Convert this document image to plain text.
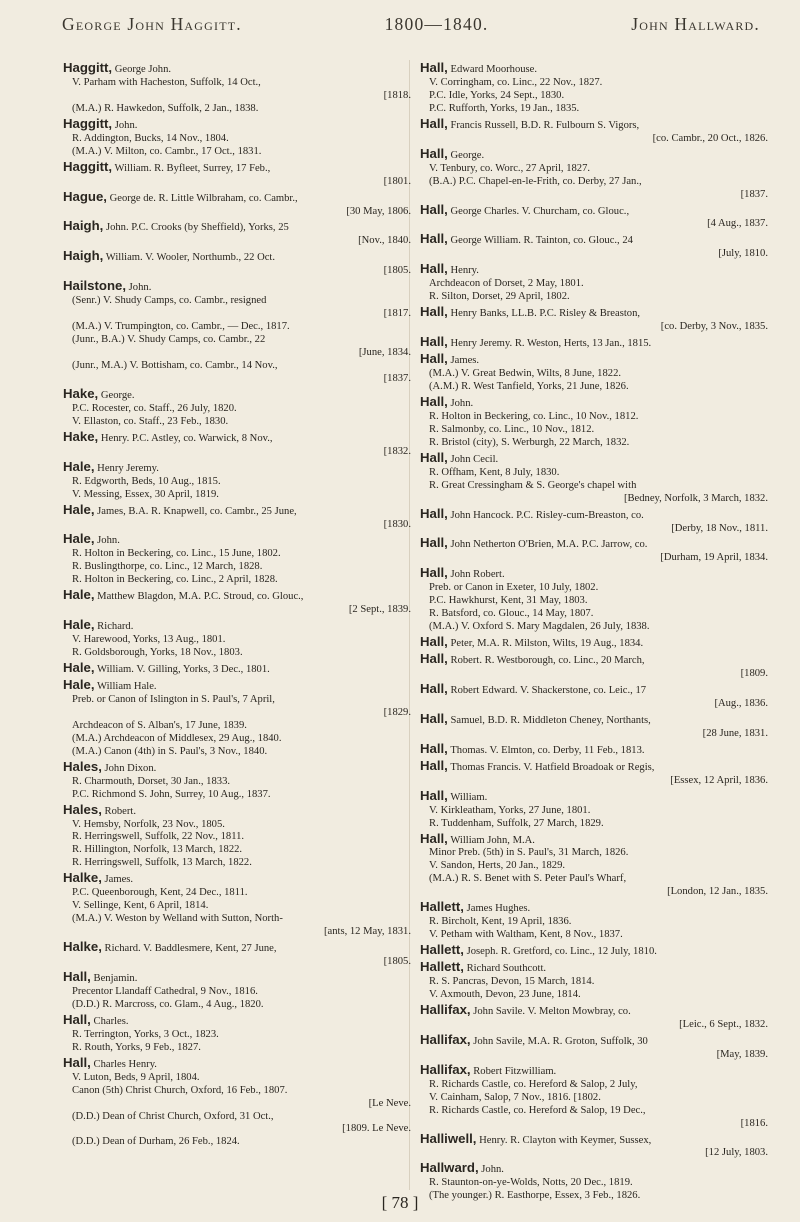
George John Haggitt.	1800—1840.	John Hallward.
Haggitt, George John.
V. Parham with Hacheston, Suffolk, 14 Oct.,
[1818.
(M.A.) R. Hawkedon, Suffolk, 2 Jan., 1838.
Haggitt, John.
R. Addington, Bucks, 14 Nov., 1804.
(M.A.) V. Milton, co. Cambr., 17 Oct., 1831.
Haggitt, William. R. Byfleet, Surrey, 17 Feb.,
[1801.
Hague, George de. R. Little Wilbraham, co. Cambr.,
[30 May, 1806.
Haigh, John. P.C. Crooks (by Sheffield), Yorks, 25
[Nov., 1840.
Haigh, William. V. Wooler, Northumb., 22 Oct.
[1805.
Hailstone, John.
(Senr.) V. Shudy Camps, co. Cambr., resigned
[1817.
(M.A.) V. Trumpington, co. Cambr., — Dec., 1817.
(Junr., B.A.) V. Shudy Camps, co. Cambr., 22
[June, 1834.
(Junr., M.A.) V. Bottisham, co. Cambr., 14 Nov.,
[1837.
Hake, George.
P.C. Rocester, co. Staff., 26 July, 1820.
V. Ellaston, co. Staff., 23 Feb., 1830.
Hake, Henry. P.C. Astley, co. Warwick, 8 Nov.,
[1832.
Hale, Henry Jeremy.
R. Edgworth, Beds, 10 Aug., 1815.
V. Messing, Essex, 30 April, 1819.
Hale, James, B.A. R. Knapwell, co. Cambr., 25 June,
[1830.
Hale, John.
R. Holton in Beckering, co. Linc., 15 June, 1802.
R. Buslingthorpe, co. Linc., 12 March, 1828.
R. Holton in Beckering, co. Linc., 2 April, 1828.
Hale, Matthew Blagdon, M.A. P.C. Stroud, co. Glouc.,
[2 Sept., 1839.
Hale, Richard.
V. Harewood, Yorks, 13 Aug., 1801.
R. Goldsborough, Yorks, 18 Nov., 1803.
Hale, William. V. Gilling, Yorks, 3 Dec., 1801.
Hale, William Hale.
Preb. or Canon of Islington in S. Paul's, 7 April,
[1829.
Archdeacon of S. Alban's, 17 June, 1839.
(M.A.) Archdeacon of Middlesex, 29 Aug., 1840.
(M.A.) Canon (4th) in S. Paul's, 3 Nov., 1840.
Hales, John Dixon.
R. Charmouth, Dorset, 30 Jan., 1833.
P.C. Richmond S. John, Surrey, 10 Aug., 1837.
Hales, Robert.
V. Hemsby, Norfolk, 23 Nov., 1805.
R. Herringswell, Suffolk, 22 Nov., 1811.
R. Hillington, Norfolk, 13 March, 1822.
R. Herringswell, Suffolk, 13 March, 1822.
Halke, James.
P.C. Queenborough, Kent, 24 Dec., 1811.
V. Sellinge, Kent, 6 April, 1814.
(M.A.) V. Weston by Welland with Sutton, North-
[ants, 12 May, 1831.
Halke, Richard. V. Baddlesmere, Kent, 27 June,
[1805.
Hall, Benjamin.
Precentor Llandaff Cathedral, 9 Nov., 1816.
(D.D.) R. Marcross, co. Glam., 4 Aug., 1820.
Hall, Charles.
R. Terrington, Yorks, 3 Oct., 1823.
R. Routh, Yorks, 9 Feb., 1827.
Hall, Charles Henry.
V. Luton, Beds, 9 April, 1804.
Canon (5th) Christ Church, Oxford, 16 Feb., 1807.
[Le Neve.
(D.D.) Dean of Christ Church, Oxford, 31 Oct.,
[1809. Le Neve.
(D.D.) Dean of Durham, 26 Feb., 1824.
Hall, Edward Moorhouse.
V. Corringham, co. Linc., 22 Nov., 1827.
P.C. Idle, Yorks, 24 Sept., 1830.
P.C. Rufforth, Yorks, 19 Jan., 1835.
Hall, Francis Russell, B.D. R. Fulbourn S. Vigors,
[co. Cambr., 20 Oct., 1826.
Hall, George.
V. Tenbury, co. Worc., 27 April, 1827.
(B.A.) P.C. Chapel-en-le-Frith, co. Derby, 27 Jan.,
[1837.
Hall, George Charles. V. Churcham, co. Glouc.,
[4 Aug., 1837.
Hall, George William. R. Tainton, co. Glouc., 24
[July, 1810.
Hall, Henry.
Archdeacon of Dorset, 2 May, 1801.
R. Silton, Dorset, 29 April, 1802.
Hall, Henry Banks, LL.B. P.C. Risley & Breaston,
[co. Derby, 3 Nov., 1835.
Hall, Henry Jeremy. R. Weston, Herts, 13 Jan., 1815.
Hall, James.
(M.A.) V. Great Bedwin, Wilts, 8 June, 1822.
(A.M.) R. West Tanfield, Yorks, 21 June, 1826.
Hall, John.
R. Holton in Beckering, co. Linc., 10 Nov., 1812.
R. Salmonby, co. Linc., 10 Nov., 1812.
R. Bristol (city), S. Werburgh, 22 March, 1832.
Hall, John Cecil.
R. Offham, Kent, 8 July, 1830.
R. Great Cressingham & S. George's chapel with
[Bedney, Norfolk, 3 March, 1832.
Hall, John Hancock. P.C. Risley-cum-Breaston, co.
[Derby, 18 Nov., 1811.
Hall, John Netherton O'Brien, M.A. P.C. Jarrow, co.
[Durham, 19 April, 1834.
Hall, John Robert.
Preb. or Canon in Exeter, 10 July, 1802.
P.C. Hawkhurst, Kent, 31 May, 1803.
R. Batsford, co. Glouc., 14 May, 1807.
(M.A.) V. Oxford S. Mary Magdalen, 26 July, 1838.
Hall, Peter, M.A. R. Milston, Wilts, 19 Aug., 1834.
Hall, Robert. R. Westborough, co. Linc., 20 March,
[1809.
Hall, Robert Edward. V. Shackerstone, co. Leic., 17
[Aug., 1836.
Hall, Samuel, B.D. R. Middleton Cheney, Northants,
[28 June, 1831.
Hall, Thomas. V. Elmton, co. Derby, 11 Feb., 1813.
Hall, Thomas Francis. V. Hatfield Broadoak or Regis,
[Essex, 12 April, 1836.
Hall, William.
V. Kirkleatham, Yorks, 27 June, 1801.
R. Tuddenham, Suffolk, 27 March, 1829.
Hall, William John, M.A.
Minor Preb. (5th) in S. Paul's, 31 March, 1826.
V. Sandon, Herts, 20 Jan., 1829.
(M.A.) R. S. Benet with S. Peter Paul's Wharf,
[London, 12 Jan., 1835.
Hallett, James Hughes.
R. Bircholt, Kent, 19 April, 1836.
V. Petham with Waltham, Kent, 8 Nov., 1837.
Hallett, Joseph. R. Gretford, co. Linc., 12 July, 1810.
Hallett, Richard Southcott.
R. S. Pancras, Devon, 15 March, 1814.
V. Axmouth, Devon, 23 June, 1814.
Hallifax, John Savile. V. Melton Mowbray, co.
[Leic., 6 Sept., 1832.
Hallifax, John Savile, M.A. R. Groton, Suffolk, 30
[May, 1839.
Hallifax, Robert Fitzwilliam.
R. Richards Castle, co. Hereford & Salop, 2 July,
V. Cainham, Salop, 7 Nov., 1816. [1802.
R. Richards Castle, co. Hereford & Salop, 19 Dec.,
[1816.
Halliwell, Henry. R. Clayton with Keymer, Sussex,
[12 July, 1803.
Hallward, John.
R. Staunton-on-ye-Wolds, Notts, 20 Dec., 1819.
(The younger.) R. Easthorpe, Essex, 3 Feb., 1826.
[ 78 ]
